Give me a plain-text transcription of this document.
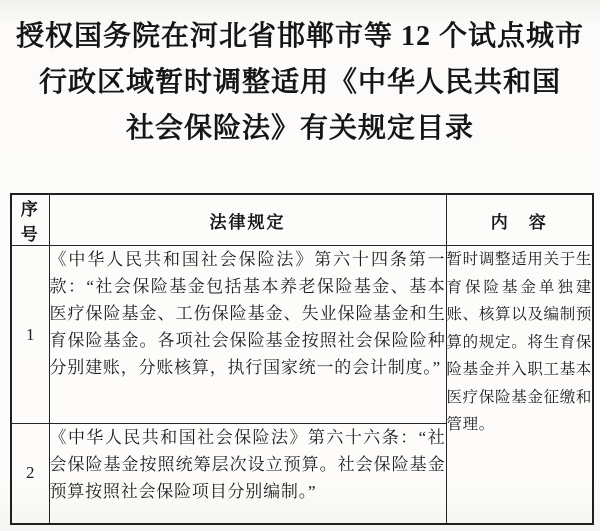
授权国务院在河北省邯郸市等 12 个试点城市
行政区域暂时调整适用《中华人民共和国
社会保险法》有关规定目录
序号	法律规定	内　容
1	《中华人民共和国社会保险法》第六十四条第一款：“社会保险基金包括基本养老保险基金、基本医疗保险基金、工伤保险基金、失业保险基金和生育保险基金。各项社会保险基金按照社会保险险种分别建账，分账核算，执行国家统一的会计制度。”	暂时调整适用关于生育保险基金单独建账、核算以及编制预算的规定。将生育保险基金并入职工基本医疗保险基金征缴和管理。
2	《中华人民共和国社会保险法》第六十六条：“社会保险基金按照统筹层次设立预算。社会保险基金预算按照社会保险项目分别编制。”	
